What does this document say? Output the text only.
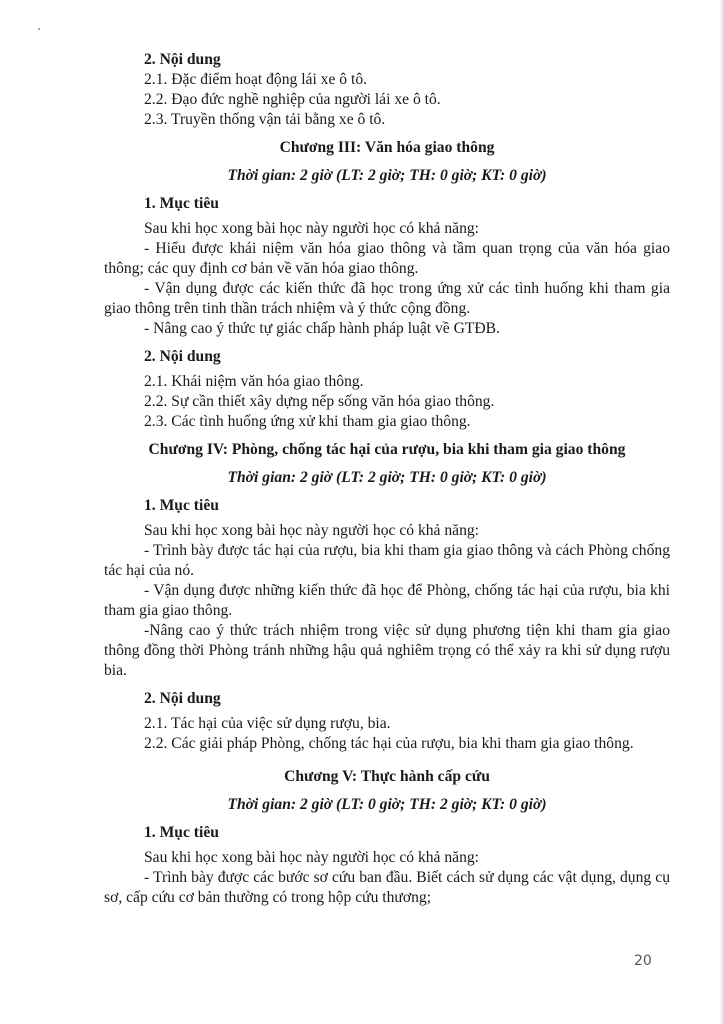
2. Nội dung

2.1. Đặc điểm hoạt động lái xe ô tô.

2.2. Đạo đức nghề nghiệp của người lái xe ô tô.

2.3. Truyền thống vận tải bằng xe ô tô.

Chương III: Văn hóa giao thông

Thời gian: 2 giờ (LT: 2 giờ; TH: 0 giờ; KT: 0 giờ)

1. Mục tiêu

Sau khi học xong bài học này người học có khả năng:

- Hiểu được khái niệm văn hóa giao thông và tầm quan trọng của văn hóa giao thông; các quy định cơ bản về văn hóa giao thông.

- Vận dụng được các kiến thức đã học trong ứng xử các tình huống khi tham gia giao thông trên tinh thần trách nhiệm và ý thức cộng đồng.

- Nâng cao ý thức tự giác chấp hành pháp luật về GTĐB.

2. Nội dung

2.1. Khái niệm văn hóa giao thông.

2.2. Sự cần thiết xây dựng nếp sống văn hóa giao thông.

2.3. Các tình huống ứng xử khi tham gia giao thông.

Chương IV: Phòng, chống tác hại của rượu, bia khi tham gia giao thông

Thời gian: 2 giờ (LT: 2 giờ; TH: 0 giờ; KT: 0 giờ)

1. Mục tiêu

Sau khi học xong bài học này người học có khả năng:

- Trình bày được tác hại của rượu, bia khi tham gia giao thông và cách Phòng chống tác hại của nó.

- Vận dụng được những kiến thức đã học để Phòng, chống tác hại của rượu, bia khi tham gia giao thông.

-Nâng cao ý thức trách nhiệm trong việc sử dụng phương tiện khi tham gia giao thông đồng thời Phòng tránh những hậu quả nghiêm trọng có thể xảy ra khi sử dụng rượu bia.

2. Nội dung

2.1. Tác hại của việc sử dụng rượu, bia.

2.2. Các giải pháp Phòng, chống tác hại của rượu, bia khi tham gia giao thông.

Chương V: Thực hành cấp cứu

Thời gian: 2 giờ (LT: 0 giờ; TH: 2 giờ; KT: 0 giờ)

1. Mục tiêu

Sau khi học xong bài học này người học có khả năng:

- Trình bày được các bước sơ cứu ban đầu. Biết cách sử dụng các vật dụng, dụng cụ sơ, cấp cứu cơ bản thường có trong hộp cứu thương;

20
